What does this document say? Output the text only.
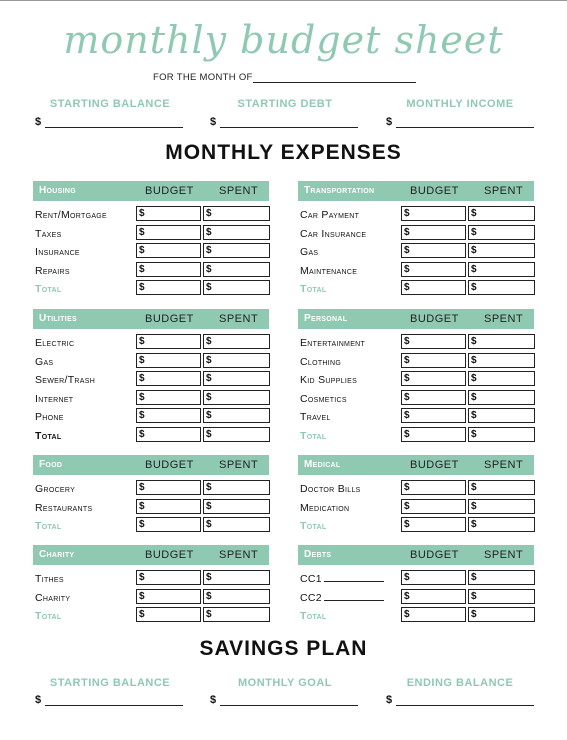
monthly budget sheet
FOR THE MONTH OF
STARTING BALANCE	STARTING DEBT	MONTHLY INCOME
$	$	$
MONTHLY EXPENSES
Housing	BUDGET SPENT
Rent/Mortgage	$	$
Taxes	$	$
Insurance	$	$
Repairs	$	$
Total	$	$
Transportation	BUDGET SPENT
Car Payment	$	$
Car Insurance	$	$
Gas	$	$
Maintenance	$	$
Total	$	$
Utilities	BUDGET SPENT
Electric	$	$
Gas	$	$
Sewer/Trash	$	$
Internet	$	$
Phone	$	$
Total	$	$
Personal	BUDGET SPENT
Entertainment	$	$
Clothing	$	$
Kid Supplies	$	$
Cosmetics	$	$
Travel	$	$
Total	$	$
Food	BUDGET SPENT
Grocery	$	$
Restaurants	$	$
Total	$	$
Medical	BUDGET SPENT
Doctor Bills	$	$
Medication	$	$
Total	$	$
Charity	BUDGET SPENT
Tithes	$	$
Charity	$	$
Total	$	$
Debts	BUDGET SPENT
CC1	$	$
CC2	$	$
Total	$	$
SAVINGS PLAN
STARTING BALANCE	MONTHLY GOAL	ENDING BALANCE
$	$	$
